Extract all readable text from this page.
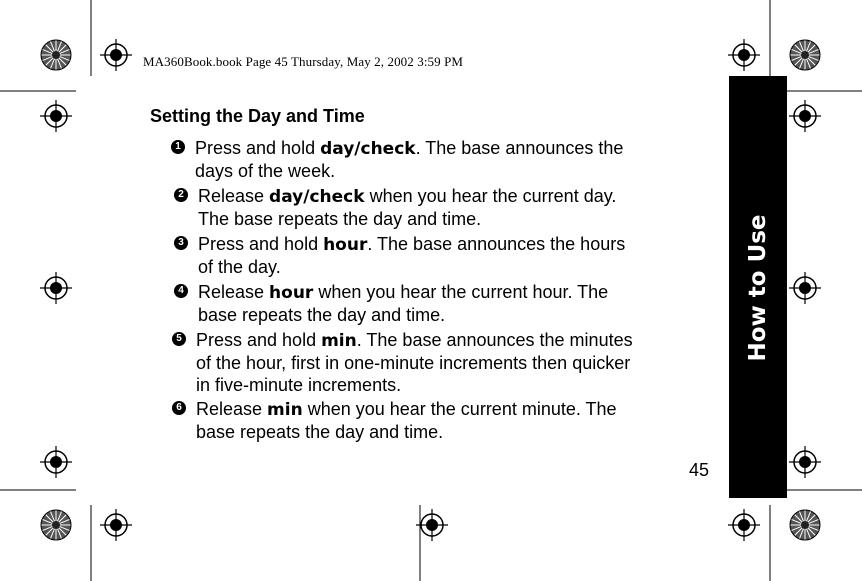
MA360Book.book Page 45 Thursday, May 2, 2002 3:59 PM
Setting the Day and Time
1 Press and hold day/check. The base announces the
days of the week.
2 Release day/check when you hear the current day.
The base repeats the day and time.
3 Press and hold hour. The base announces the hours
of the day.
4 Release hour when you hear the current hour. The
base repeats the day and time.
5 Press and hold min. The base announces the minutes
of the hour, first in one-minute increments then quicker
in five-minute increments.
6 Release min when you hear the current minute. The
base repeats the day and time.
How to Use
45
